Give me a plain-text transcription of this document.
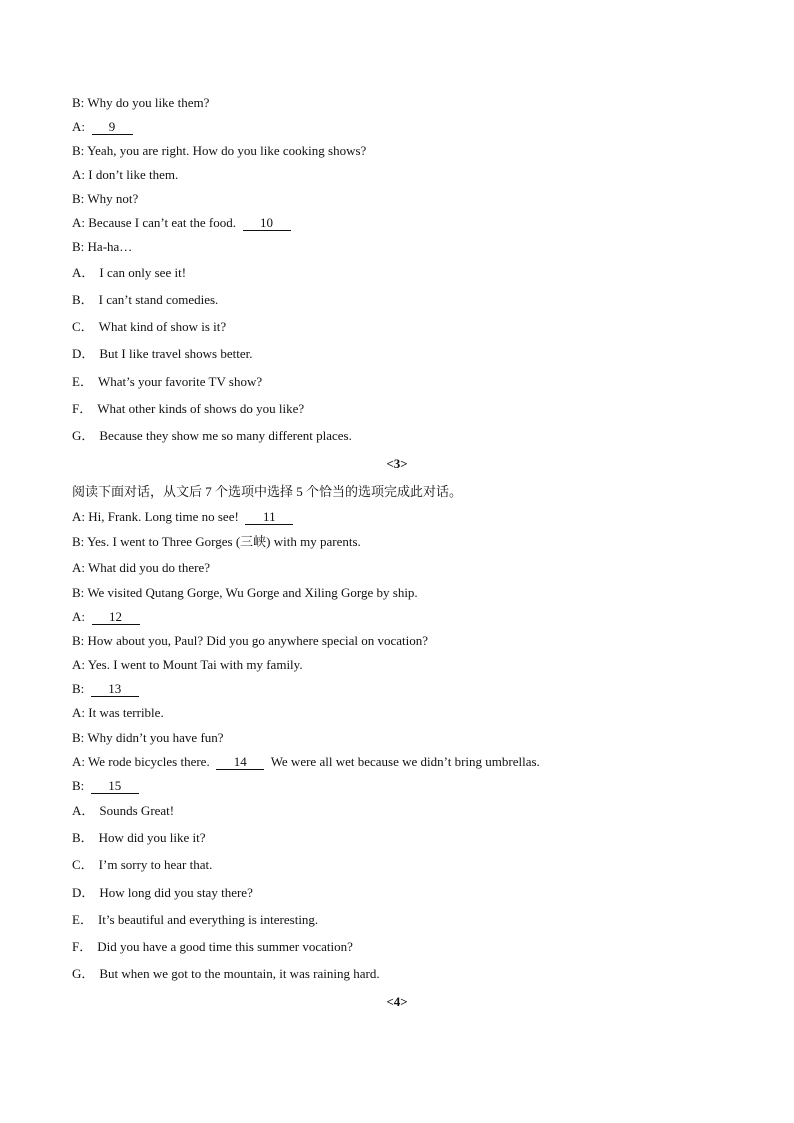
B: Why do you like them?
A: 9
B: Yeah, you are right. How do you like cooking shows?
A: I don’t like them.
B: Why not?
A: Because I can’t eat the food. 10
B: Ha-ha…
A． I can only see it!
B． I can’t stand comedies.
C． What kind of show is it?
D． But I like travel shows better.
E． What’s your favorite TV show?
F． What other kinds of shows do you like?
G． Because they show me so many different places.
<3>
阅读下面对话，从文后 7 个选项中选择 5 个恰当的选项完成此对话。
A: Hi, Frank. Long time no see! 11
B: Yes. I went to Three Gorges (三峡) with my parents.
A: What did you do there?
B: We visited Qutang Gorge, Wu Gorge and Xiling Gorge by ship.
A: 12
B: How about you, Paul? Did you go anywhere special on vocation?
A: Yes. I went to Mount Tai with my family.
B: 13
A: It was terrible.
B: Why didn’t you have fun?
A: We rode bicycles there. 14 We were all wet because we didn’t bring umbrellas.
B: 15
A． Sounds Great!
B． How did you like it?
C． I’m sorry to hear that.
D． How long did you stay there?
E． It’s beautiful and everything is interesting.
F． Did you have a good time this summer vocation?
G． But when we got to the mountain, it was raining hard.
<4>
